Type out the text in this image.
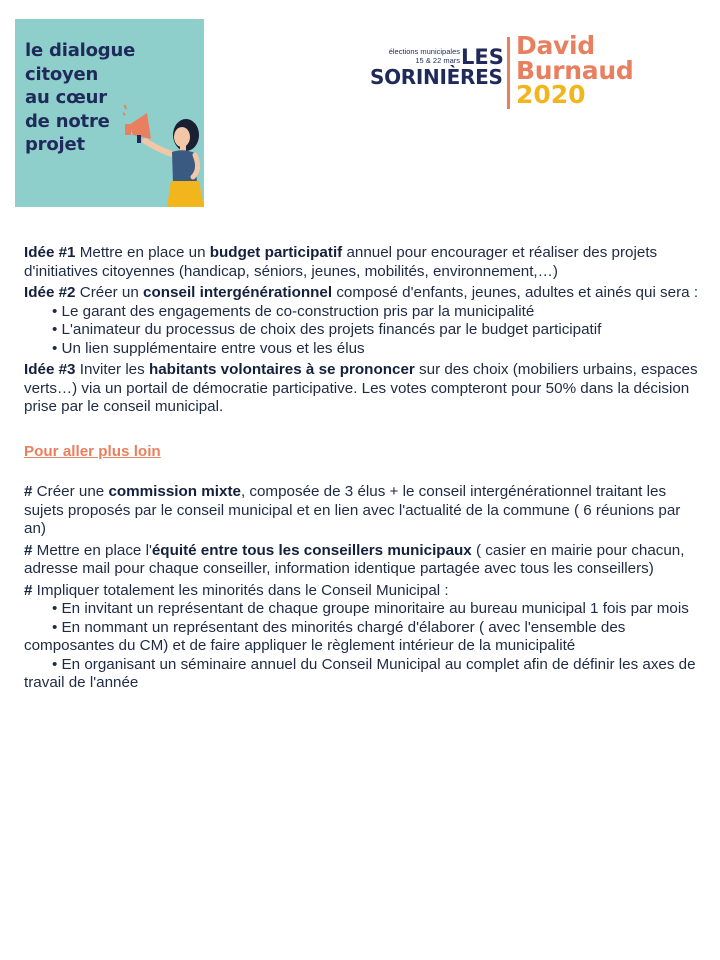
le dialogue
citoyen
au cœur
de notre
projet
élections municipales
15 & 22 mars LES
SORINIÈRES
David
Burnaud
2020

Idée #1 Mettre en place un budget participatif annuel pour encourager et réaliser des projets d'initiatives citoyennes (handicap, séniors, jeunes, mobilités, environnement,…)

Idée #2 Créer un conseil intergénérationnel composé d'enfants, jeunes, adultes et ainés qui sera :

• Le garant des engagements de co-construction pris par la municipalité

• L'animateur du processus de choix des projets financés par le budget participatif

• Un lien supplémentaire entre vous et les élus

Idée #3 Inviter les habitants volontaires à se prononcer sur des choix (mobiliers urbains, espaces verts…) via un portail de démocratie participative. Les votes compteront pour 50% dans la décision prise par le conseil municipal.

Pour aller plus loin

# Créer une commission mixte, composée de 3 élus + le conseil intergénérationnel traitant les sujets proposés par le conseil municipal et en lien avec l'actualité de la commune ( 6 réunions par an)

# Mettre en place l'équité entre tous les conseillers municipaux ( casier en mairie pour chacun, adresse mail pour chaque conseiller, information identique partagée avec tous les conseillers)

# Impliquer totalement les minorités dans le Conseil Municipal :

• En invitant un représentant de chaque groupe minoritaire au bureau municipal 1 fois par mois

• En nommant un représentant des minorités chargé d'élaborer ( avec l'ensemble des composantes du CM) et de faire appliquer le règlement intérieur de la municipalité

• En organisant un séminaire annuel du Conseil Municipal au complet afin de définir les axes de travail de l'année
